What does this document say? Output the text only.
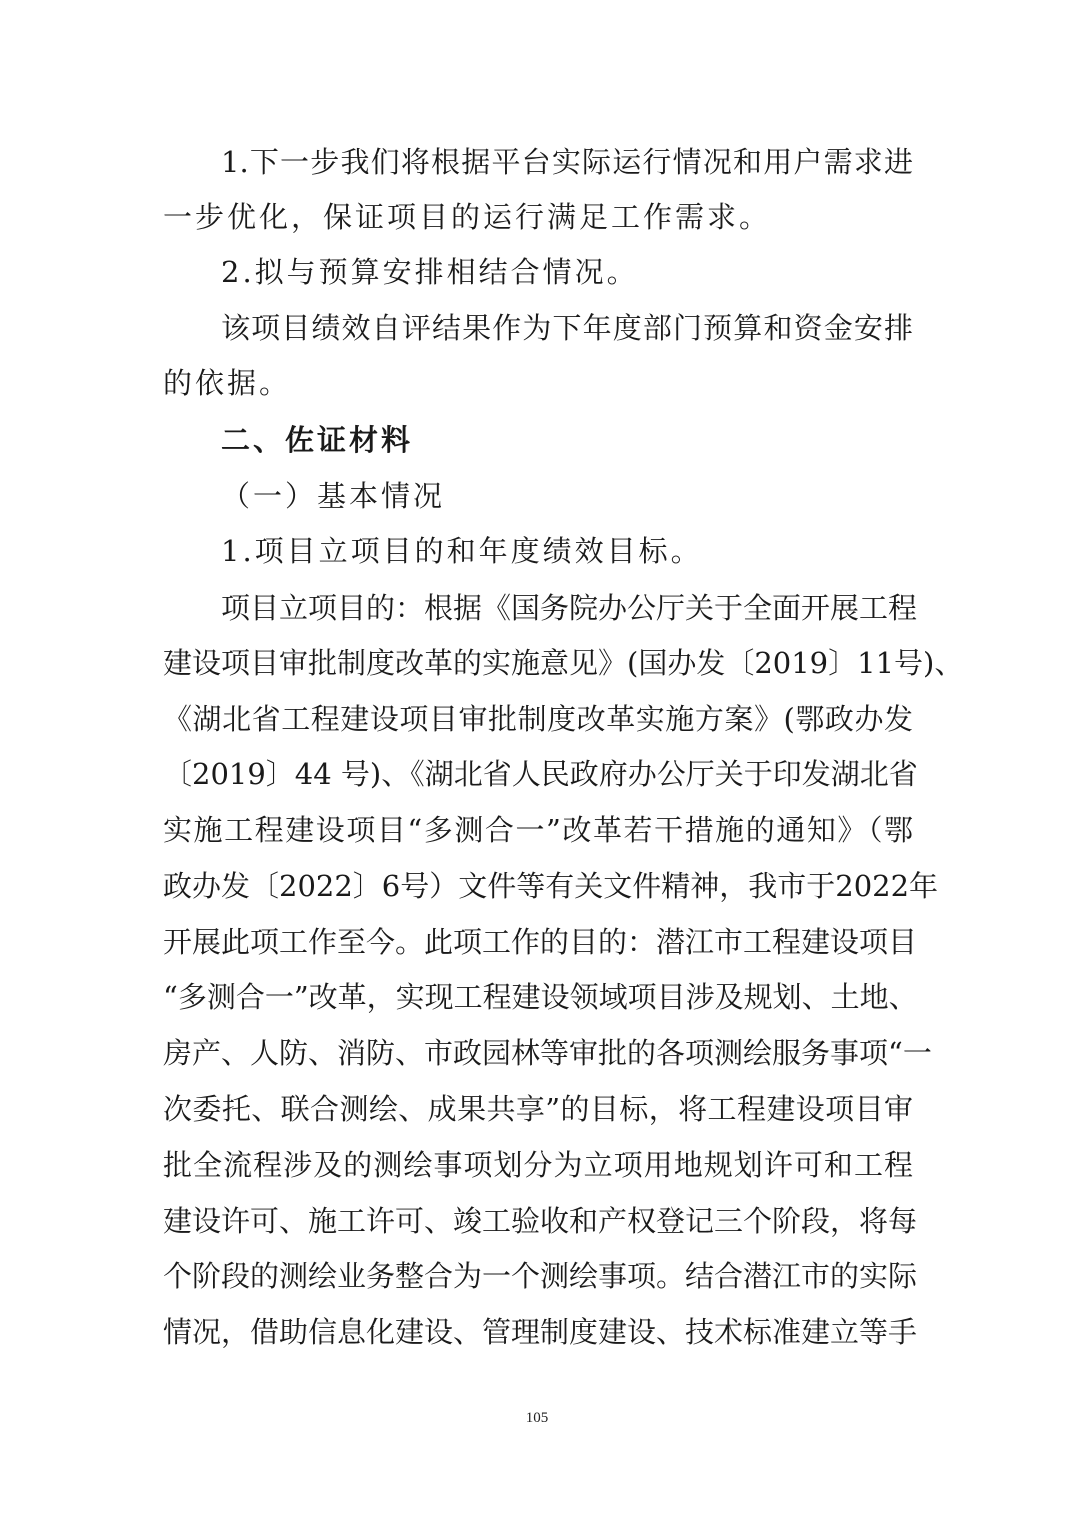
1.下一步我们将根据平台实际运行情况和用户需求进
一步优化，保证项目的运行满足工作需求。
2.拟与预算安排相结合情况。
该项目绩效自评结果作为下年度部门预算和资金安排
的依据。
二、佐证材料
（一）基本情况
1.项目立项目的和年度绩效目标。
项目立项目的：根据《国务院办公厅关于全面开展工程
建设项目审批制度改革的实施意见》(国办发〔2019〕11号)、
《湖北省工程建设项目审批制度改革实施方案》(鄂政办发
〔2019〕44 号)、《湖北省人民政府办公厅关于印发湖北省
实施工程建设项目“多测合一”改革若干措施的通知》（鄂
政办发〔2022〕6号）文件等有关文件精神，我市于2022年
开展此项工作至今。此项工作的目的：潜江市工程建设项目
“多测合一”改革，实现工程建设领域项目涉及规划、土地、
房产、人防、消防、市政园林等审批的各项测绘服务事项“一
次委托、联合测绘、成果共享”的目标，将工程建设项目审
批全流程涉及的测绘事项划分为立项用地规划许可和工程
建设许可、施工许可、竣工验收和产权登记三个阶段，将每
个阶段的测绘业务整合为一个测绘事项。结合潜江市的实际
情况，借助信息化建设、管理制度建设、技术标准建立等手
105
